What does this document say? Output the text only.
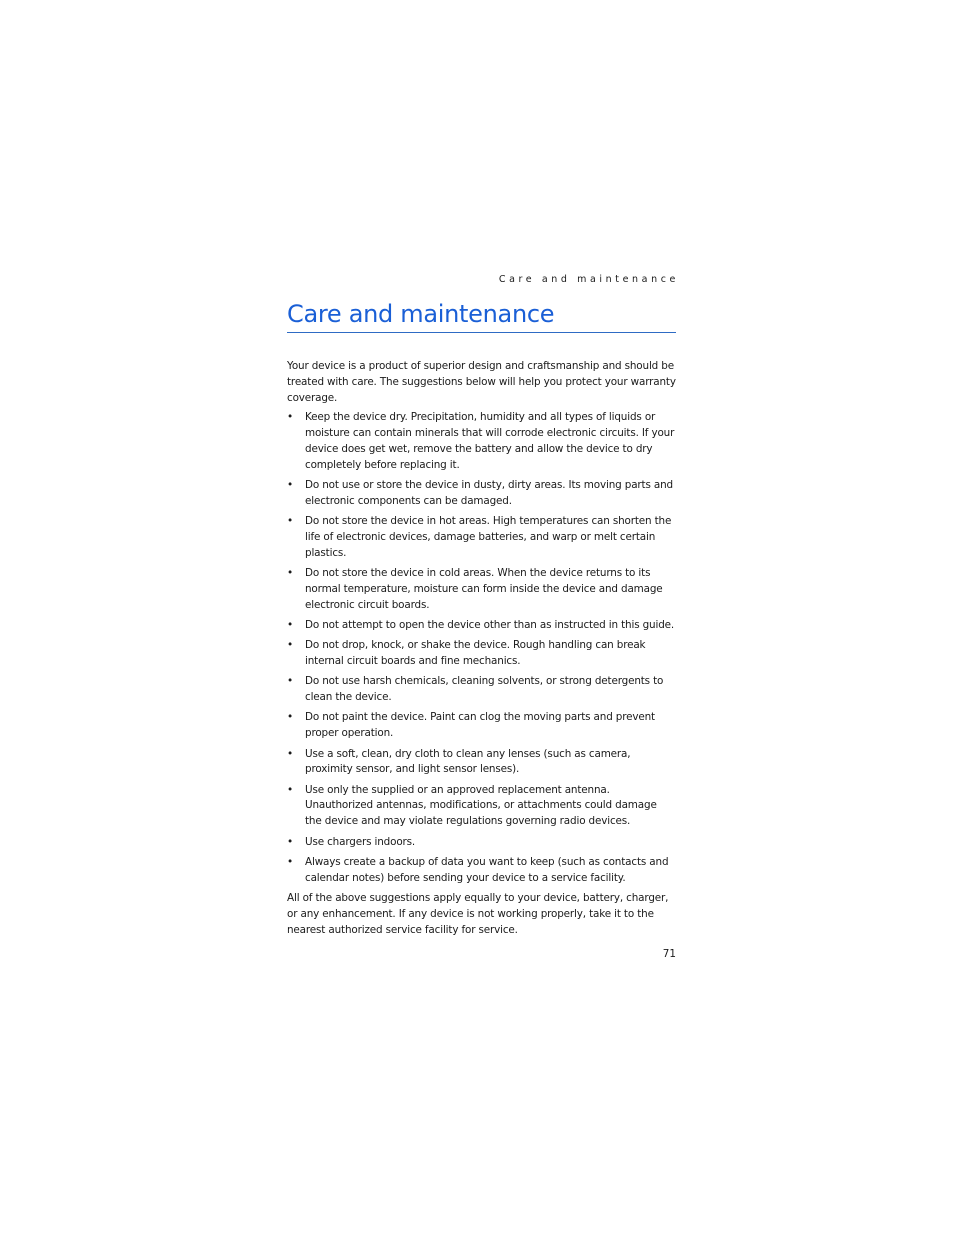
Care and maintenance
Care and maintenance

Your device is a product of superior design and craftsmanship and should be treated with care. The suggestions below will help you protect your warranty coverage.

• Keep the device dry. Precipitation, humidity and all types of liquids or moisture can contain minerals that will corrode electronic circuits. If your device does get wet, remove the battery and allow the device to dry completely before replacing it.
• Do not use or store the device in dusty, dirty areas. Its moving parts and electronic components can be damaged.
• Do not store the device in hot areas. High temperatures can shorten the life of electronic devices, damage batteries, and warp or melt certain plastics.
• Do not store the device in cold areas. When the device returns to its normal temperature, moisture can form inside the device and damage electronic circuit boards.
• Do not attempt to open the device other than as instructed in this guide.
• Do not drop, knock, or shake the device. Rough handling can break internal circuit boards and fine mechanics.
• Do not use harsh chemicals, cleaning solvents, or strong detergents to clean the device.
• Do not paint the device. Paint can clog the moving parts and prevent proper operation.
• Use a soft, clean, dry cloth to clean any lenses (such as camera, proximity sensor, and light sensor lenses).
• Use only the supplied or an approved replacement antenna. Unauthorized antennas, modifications, or attachments could damage the device and may violate regulations governing radio devices.
• Use chargers indoors.
• Always create a backup of data you want to keep (such as contacts and calendar notes) before sending your device to a service facility.

All of the above suggestions apply equally to your device, battery, charger, or any enhancement. If any device is not working properly, take it to the nearest authorized service facility for service.

71
